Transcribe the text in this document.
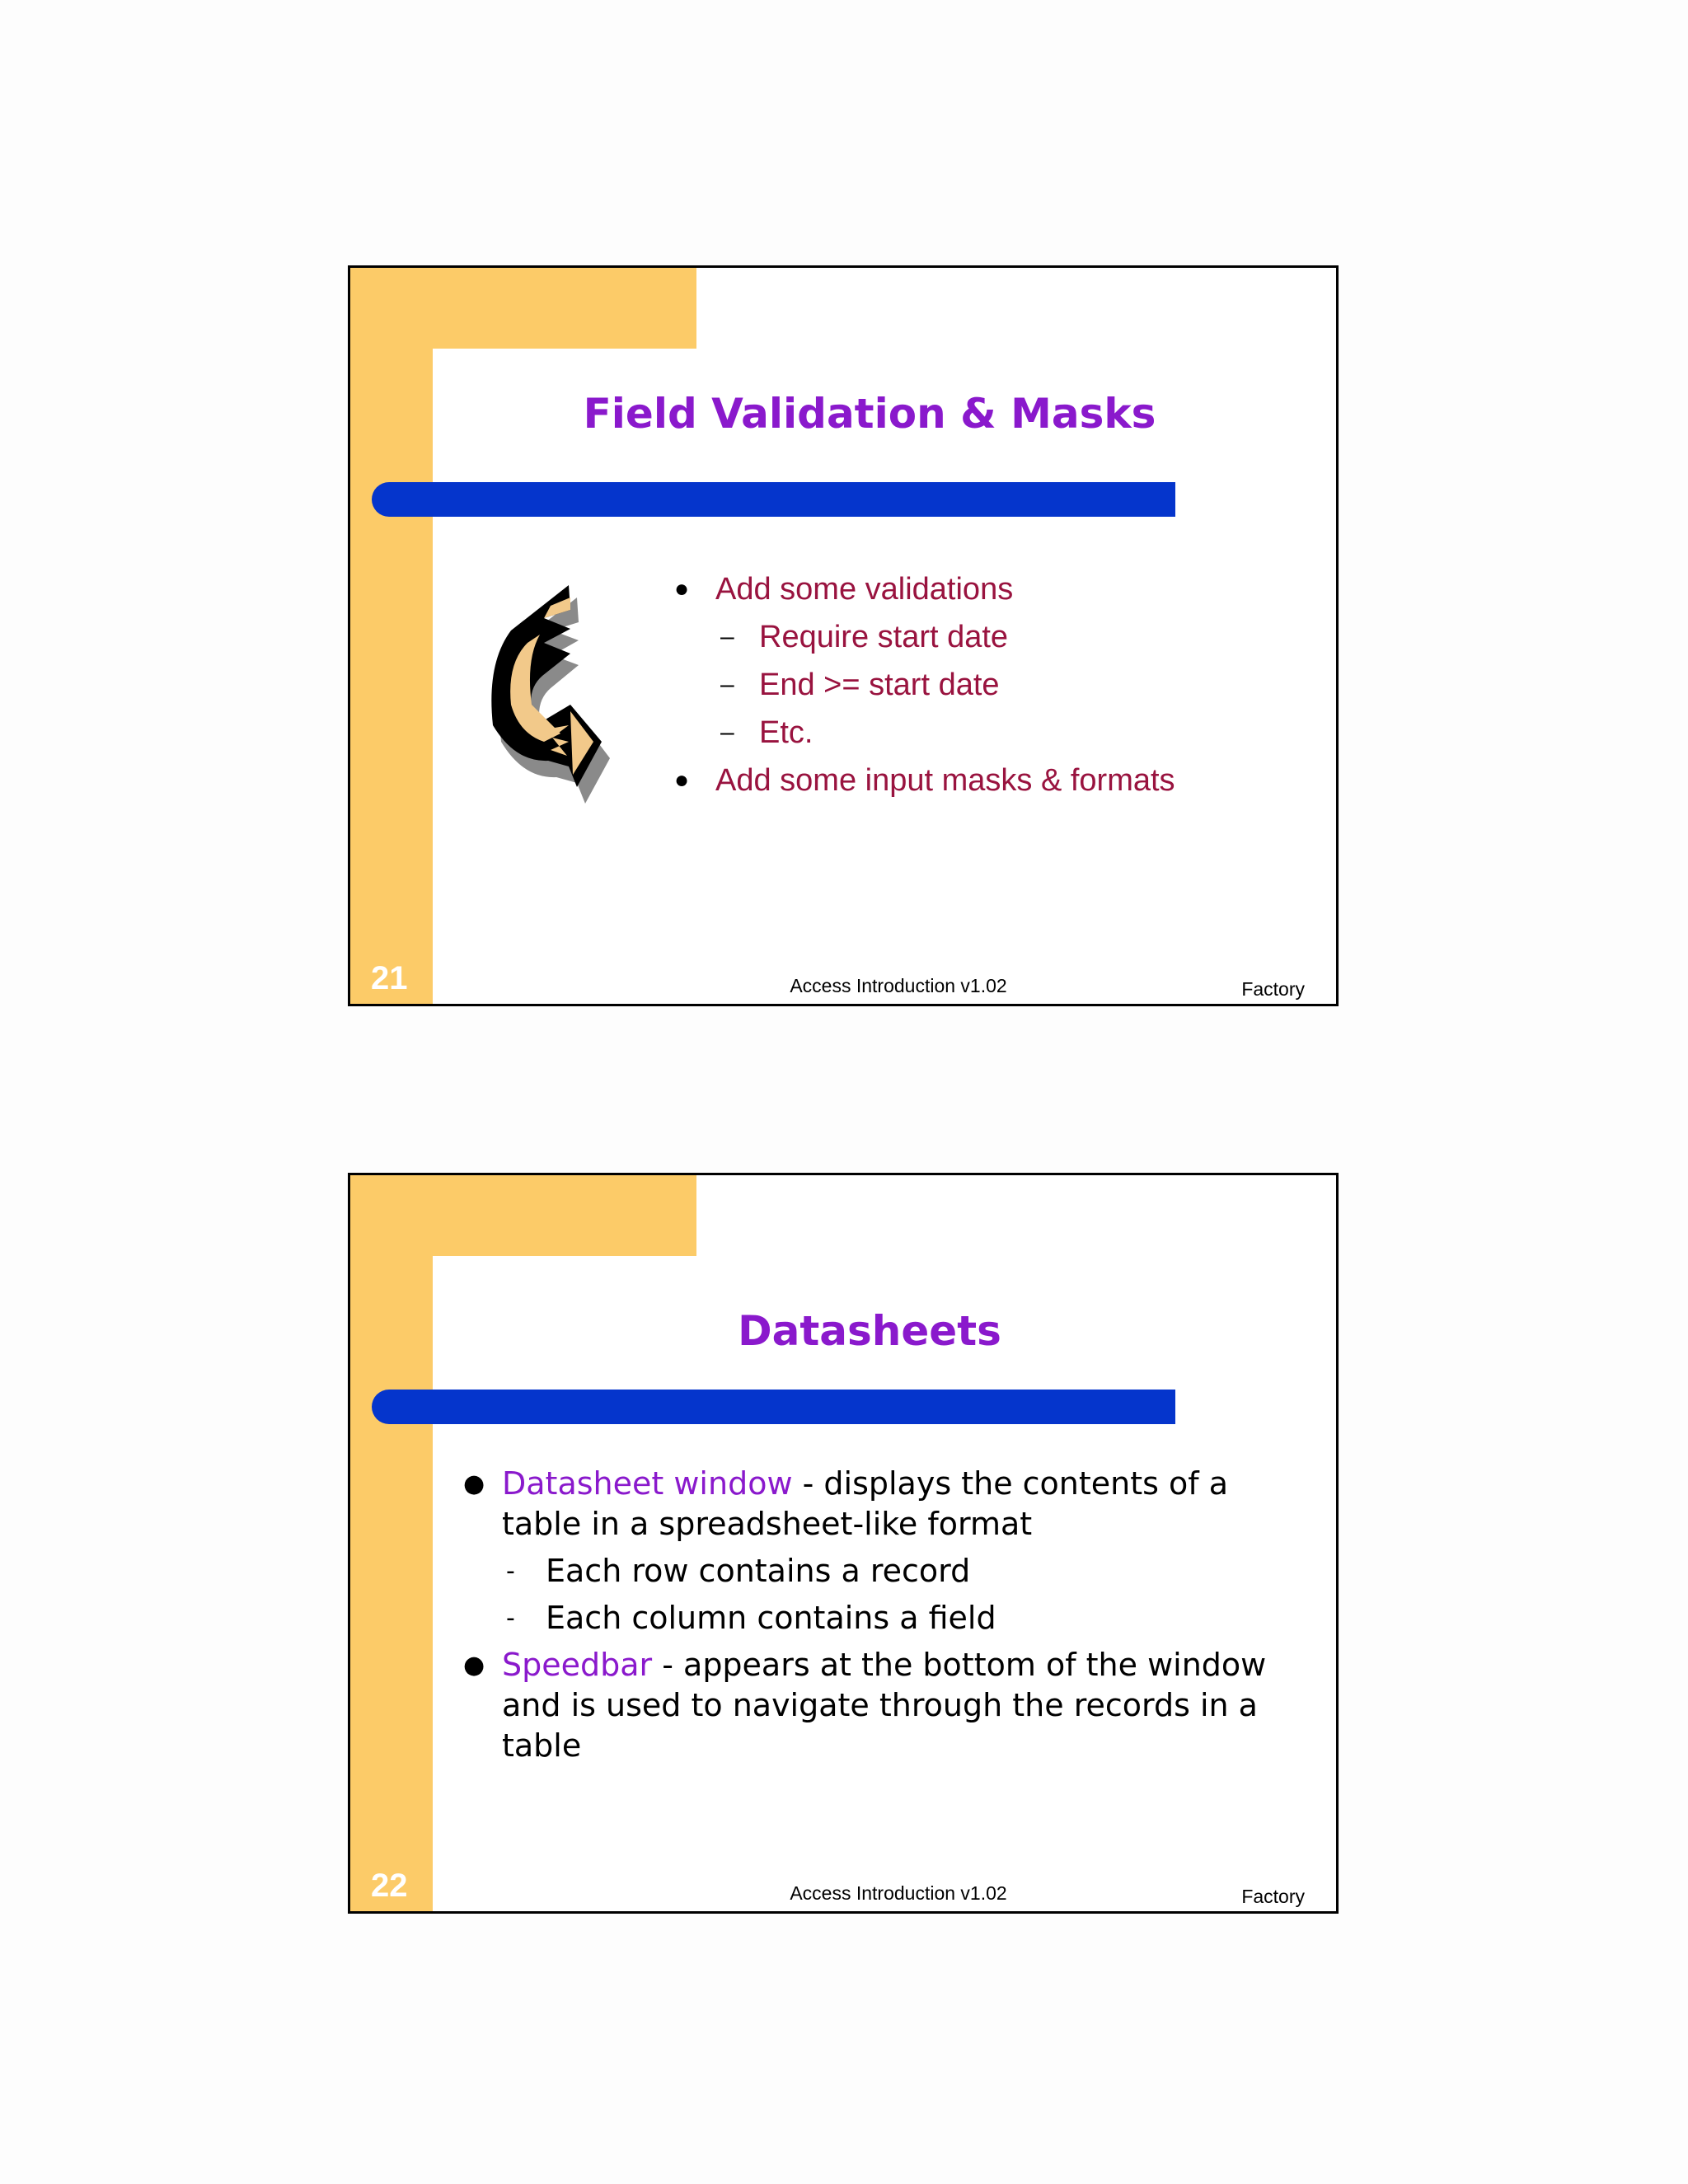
Field Validation & Masks
● Add some validations
– Require start date
– End >= start date
– Etc.
● Add some input masks & formats
21	Access Introduction v1.02	Factory
Datasheets
● Datasheet window - displays the contents of a table in a spreadsheet-like format
- Each row contains a record
- Each column contains a field
● Speedbar - appears at the bottom of the window and is used to navigate through the records in a table
22	Access Introduction v1.02	Factory
